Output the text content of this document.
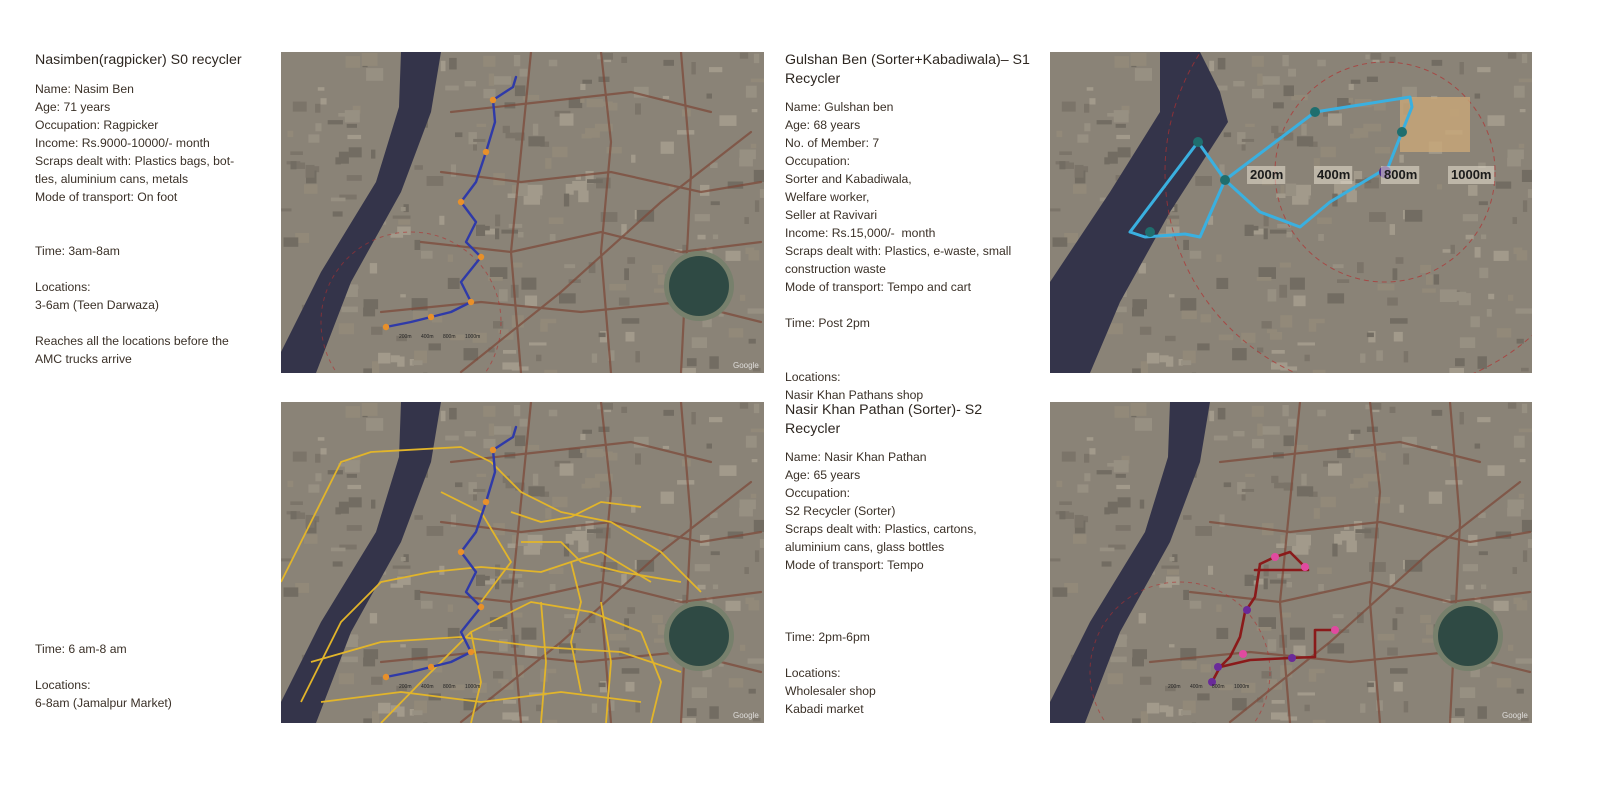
Nasimben(ragpicker) S0 recycler
Name: Nasim Ben
Age: 71 years
Occupation: Ragpicker
Income: Rs.9000-10000/- month
Scraps dealt with: Plastics bags, bot-
tles, aluminium cans, metals
Mode of transport: On foot
Time: 3am-8am
Locations:
3-6am (Teen Darwaza)
Reaches all the locations before the
AMC trucks arrive
Gulshan Ben (Sorter+Kabadiwala)– S1
Recycler
Name: Gulshan ben
Age: 68 years
No. of Member: 7
Occupation:
Sorter and Kabadiwala,
Welfare worker,
Seller at Ravivari
Income: Rs.15,000/-  month
Scraps dealt with: Plastics, e-waste, small
construction waste
Mode of transport: Tempo and cart
Time: Post 2pm
Locations:
Nasir Khan Pathans shop
Time: 6 am-8 am
Locations:
6-8am (Jamalpur Market)
Nasir Khan Pathan (Sorter)- S2
Recycler
Name: Nasir Khan Pathan
Age: 65 years
Occupation:
S2 Recycler (Sorter)
Scraps dealt with: Plastics, cartons,
aluminium cans, glass bottles
Mode of transport: Tempo
Time: 2pm-6pm
Locations:
Wholesaler shop
Kabadi market
200m 400m 800m 1000m
Google
200m	400m	800m	1000m
200m 400m 800m 1000m
Google
200m 400m 800m 1000m
Google
